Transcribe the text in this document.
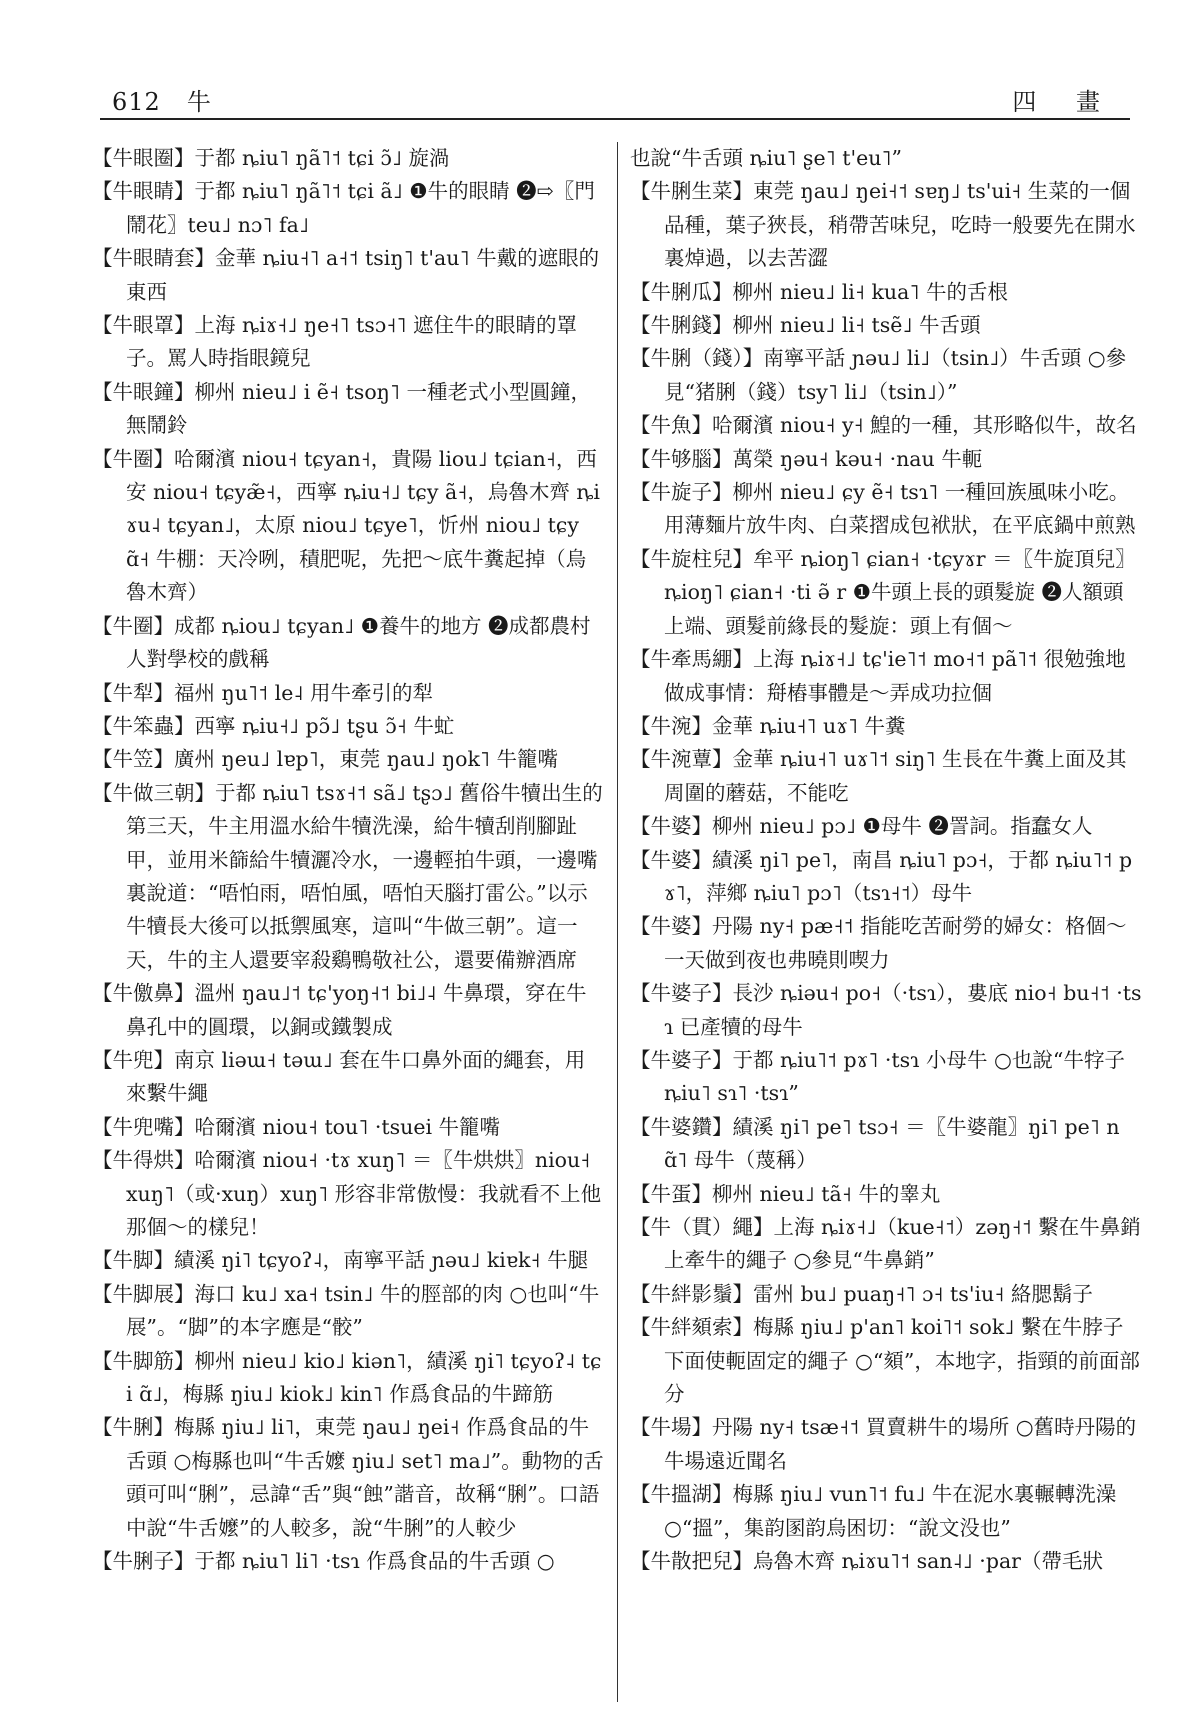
612 牛	四 畫

【牛眼圈】于都 ȵiu˥ ŋã˥˦ tɕi ɔ̃˩ 旋渦

【牛眼睛】于都 ȵiu˥ ŋã˥˦ tɕi ã˩ ❶牛的眼睛 ❷⇨〖門鬧花〗teu˩ nɔ˥ fa˩

【牛眼睛套】金華 ȵiu˧˥ a˧˦ tsiŋ˥ t'au˥ 牛戴的遮眼的東西

【牛眼罩】上海 ȵiɤ˧˩ ŋe˧˥ tsɔ˧˥ 遮住牛的眼睛的罩子。罵人時指眼鏡兒

【牛眼鐘】柳州 nieu˩ i ẽ˧ tsoŋ˥ 一種老式小型圓鐘，無鬧鈴

【牛圈】哈爾濱 niou˧ tɕyan˧，貴陽 liou˩ tɕian˧，西安 niou˧ tɕyæ̃˧，西寧 ȵiu˧˩ tɕy ã˧，烏魯木齊 ȵiɤu˨ tɕyan˩，太原 niou˩ tɕye˥，忻州 niou˩ tɕy ɑ̃˧ 牛棚：天冷咧，積肥呢，先把～底牛糞起掉（烏魯木齊）

【牛圈】成都 ȵiou˩ tɕyan˩ ❶養牛的地方 ❷成都農村人對學校的戲稱

【牛犁】福州 ŋu˥˦ le˨ 用牛牽引的犁

【牛笨蟲】西寧 ȵiu˧˩ pɔ̃˩ tʂu ɔ̃˧ 牛虻

【牛笠】廣州 ŋeu˩ lɐp˥，東莞 ŋau˩ ŋok˥ 牛籠嘴

【牛做三朝】于都 ȵiu˥ tsɤ˧˦ sã˩ tʂɔ˩ 舊俗牛犢出生的第三天，牛主用溫水給牛犢洗澡，給牛犢刮削腳趾甲，並用米篩給牛犢灑冷水，一邊輕拍牛頭，一邊嘴裏說道：“唔怕雨，唔怕風，唔怕天腦打雷公。”以示牛犢長大後可以抵禦風寒，這叫“牛做三朝”。這一天，牛的主人還要宰殺鷄鴨敬社公，還要備辦酒席

【牛儌鼻】溫州 ŋau˩˦ tɕ'yoŋ˧˦ bi˩˨ 牛鼻環，穿在牛鼻孔中的圓環，以銅或鐵製成

【牛兜】南京 liəɯ˧ təɯ˩ 套在牛口鼻外面的繩套，用來繫牛繩

【牛兜嘴】哈爾濱 niou˧ tou˥ ·tsuei 牛籠嘴

【牛得烘】哈爾濱 niou˧ ·tɤ xuŋ˥ ＝〖牛烘烘〗niou˧ xuŋ˥（或·xuŋ）xuŋ˥ 形容非常傲慢：我就看不上他那個～的樣兒！

【牛脚】績溪 ŋi˥ tɕyoʔ˨，南寧平話 ɲəu˩ kiɐk˧ 牛腿

【牛脚展】海口 ku˩ xa˧ tsin˩ 牛的脛部的肉 ○也叫“牛展”。“脚”的本字應是“骹”

【牛脚筋】柳州 nieu˩ kio˩ kiən˥，績溪 ŋi˥ tɕyoʔ˨ tɕi ɑ̃˩，梅縣 ŋiu˩ kiok˩ kin˥ 作爲食品的牛蹄筋

【牛脷】梅縣 ŋiu˩ li˥，東莞 ŋau˩ ŋei˧ 作爲食品的牛舌頭 ○梅縣也叫“牛舌嬤 ŋiu˩ set˥ ma˩”。動物的舌頭可叫“脷”，忌諱“舌”與“蝕”諧音，故稱“脷”。口語中說“牛舌嬤”的人較多，說“牛脷”的人較少

【牛脷子】于都 ȵiu˥ li˥ ·tsɿ 作爲食品的牛舌頭 ○

也說“牛舌頭 ȵiu˥ ʂe˥ t'eu˥”

【牛脷生菜】東莞 ŋau˩ ŋei˧˦ sɐŋ˩ ts'ui˧ 生菜的一個品種，葉子狹長，稍帶苦味兒，吃時一般要先在開水裏焯過，以去苦澀

【牛脷瓜】柳州 nieu˩ li˧ kua˥ 牛的舌根

【牛脷錢】柳州 nieu˩ li˧ tsẽ˩ 牛舌頭

【牛脷（錢）】南寧平話 ɲəu˩ li˩（tsin˩）牛舌頭 ○參見“猪脷（錢）tsy˥ li˩（tsin˩）”

【牛魚】哈爾濱 niou˧ y˧ 鰉的一種，其形略似牛，故名

【牛够腦】萬榮 ŋəu˧ kəu˧ ·nau 牛軛

【牛旋子】柳州 nieu˩ ɕy ẽ˧ tsɿ˥ 一種回族風味小吃。用薄麵片放牛肉、白菜摺成包袱狀，在平底鍋中煎熟

【牛旋柱兒】牟平 ȵioŋ˥ ɕian˧ ·tɕyɤr ＝〖牛旋頂兒〗ȵioŋ˥ ɕian˧ ·ti ə̃ r ❶牛頭上長的頭髮旋 ❷人額頭上端、頭髮前緣長的髮旋：頭上有個～

【牛牽馬綳】上海 ȵiɤ˧˩ tɕ'ie˥˦ mo˧˦ pã˥˦ 很勉強地做成事情：搿樁事體是～弄成功拉個

【牛涴】金華 ȵiu˧˥ uɤ˥ 牛糞

【牛涴蕈】金華 ȵiu˧˥ uɤ˥˦ siŋ˥ 生長在牛糞上面及其周圍的蘑菇，不能吃

【牛婆】柳州 nieu˩ pɔ˩ ❶母牛 ❷詈詞。指蠢女人

【牛婆】績溪 ŋi˥ pe˥，南昌 ȵiu˥ pɔ˧，于都 ȵiu˥˦ pɤ˥，萍鄉 ȵiu˥ pɔ˥（tsɿ˧˦）母牛

【牛婆】丹陽 ny˧ pæ˧˦ 指能吃苦耐勞的婦女：格個～一天做到夜也弗曉則喫力

【牛婆子】長沙 ȵiəu˧ po˧（·tsɿ），婁底 nio˧ bu˧˦ ·tsɿ 已產犢的母牛

【牛婆子】于都 ȵiu˥˦ pɤ˥ ·tsɿ 小母牛 ○也說“牛牸子 ȵiu˥ sɿ˥ ·tsɿ”

【牛婆鑽】績溪 ŋi˥ pe˥ tsɔ˧ ＝〖牛婆龍〗ŋi˥ pe˥ n ɑ̃˥ 母牛（蔑稱）

【牛蛋】柳州 nieu˩ tã˧ 牛的睾丸

【牛（貫）繩】上海 ȵiɤ˧˩（kue˧˦）zəŋ˧˦ 繫在牛鼻銷上牽牛的繩子 ○參見“牛鼻銷”

【牛絆影鬚】雷州 bu˩ puaŋ˧˥ ɔ˧ ts'iu˧ 絡腮鬍子

【牛絆頦索】梅縣 ŋiu˩ p'an˥ koi˥˦ sok˩ 繫在牛脖子下面使軛固定的繩子 ○“頦”，本地字，指頸的前面部分

【牛場】丹陽 ny˧ tsæ˧˦ 買賣耕牛的場所 ○舊時丹陽的牛場遠近聞名

【牛搵湖】梅縣 ŋiu˩ vun˥˦ fu˩ 牛在泥水裏輾轉洗澡 ○“搵”，集韵圂韵烏困切：“說文没也”

【牛散把兒】烏魯木齊 ȵiɤu˥˦ san˨˩ ·par（帶毛狀
